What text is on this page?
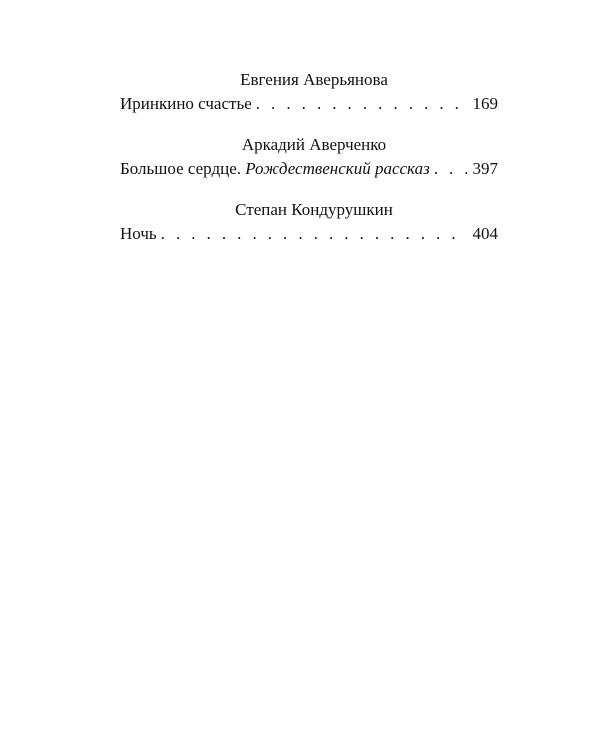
Евгения Аверьянова
Иринкино счастье . . .	169
Аркадий Аверченко
Большое сердце. Рождественский рассказ . . .	397
Степан Кондурушкин
Ночь . . .	404
